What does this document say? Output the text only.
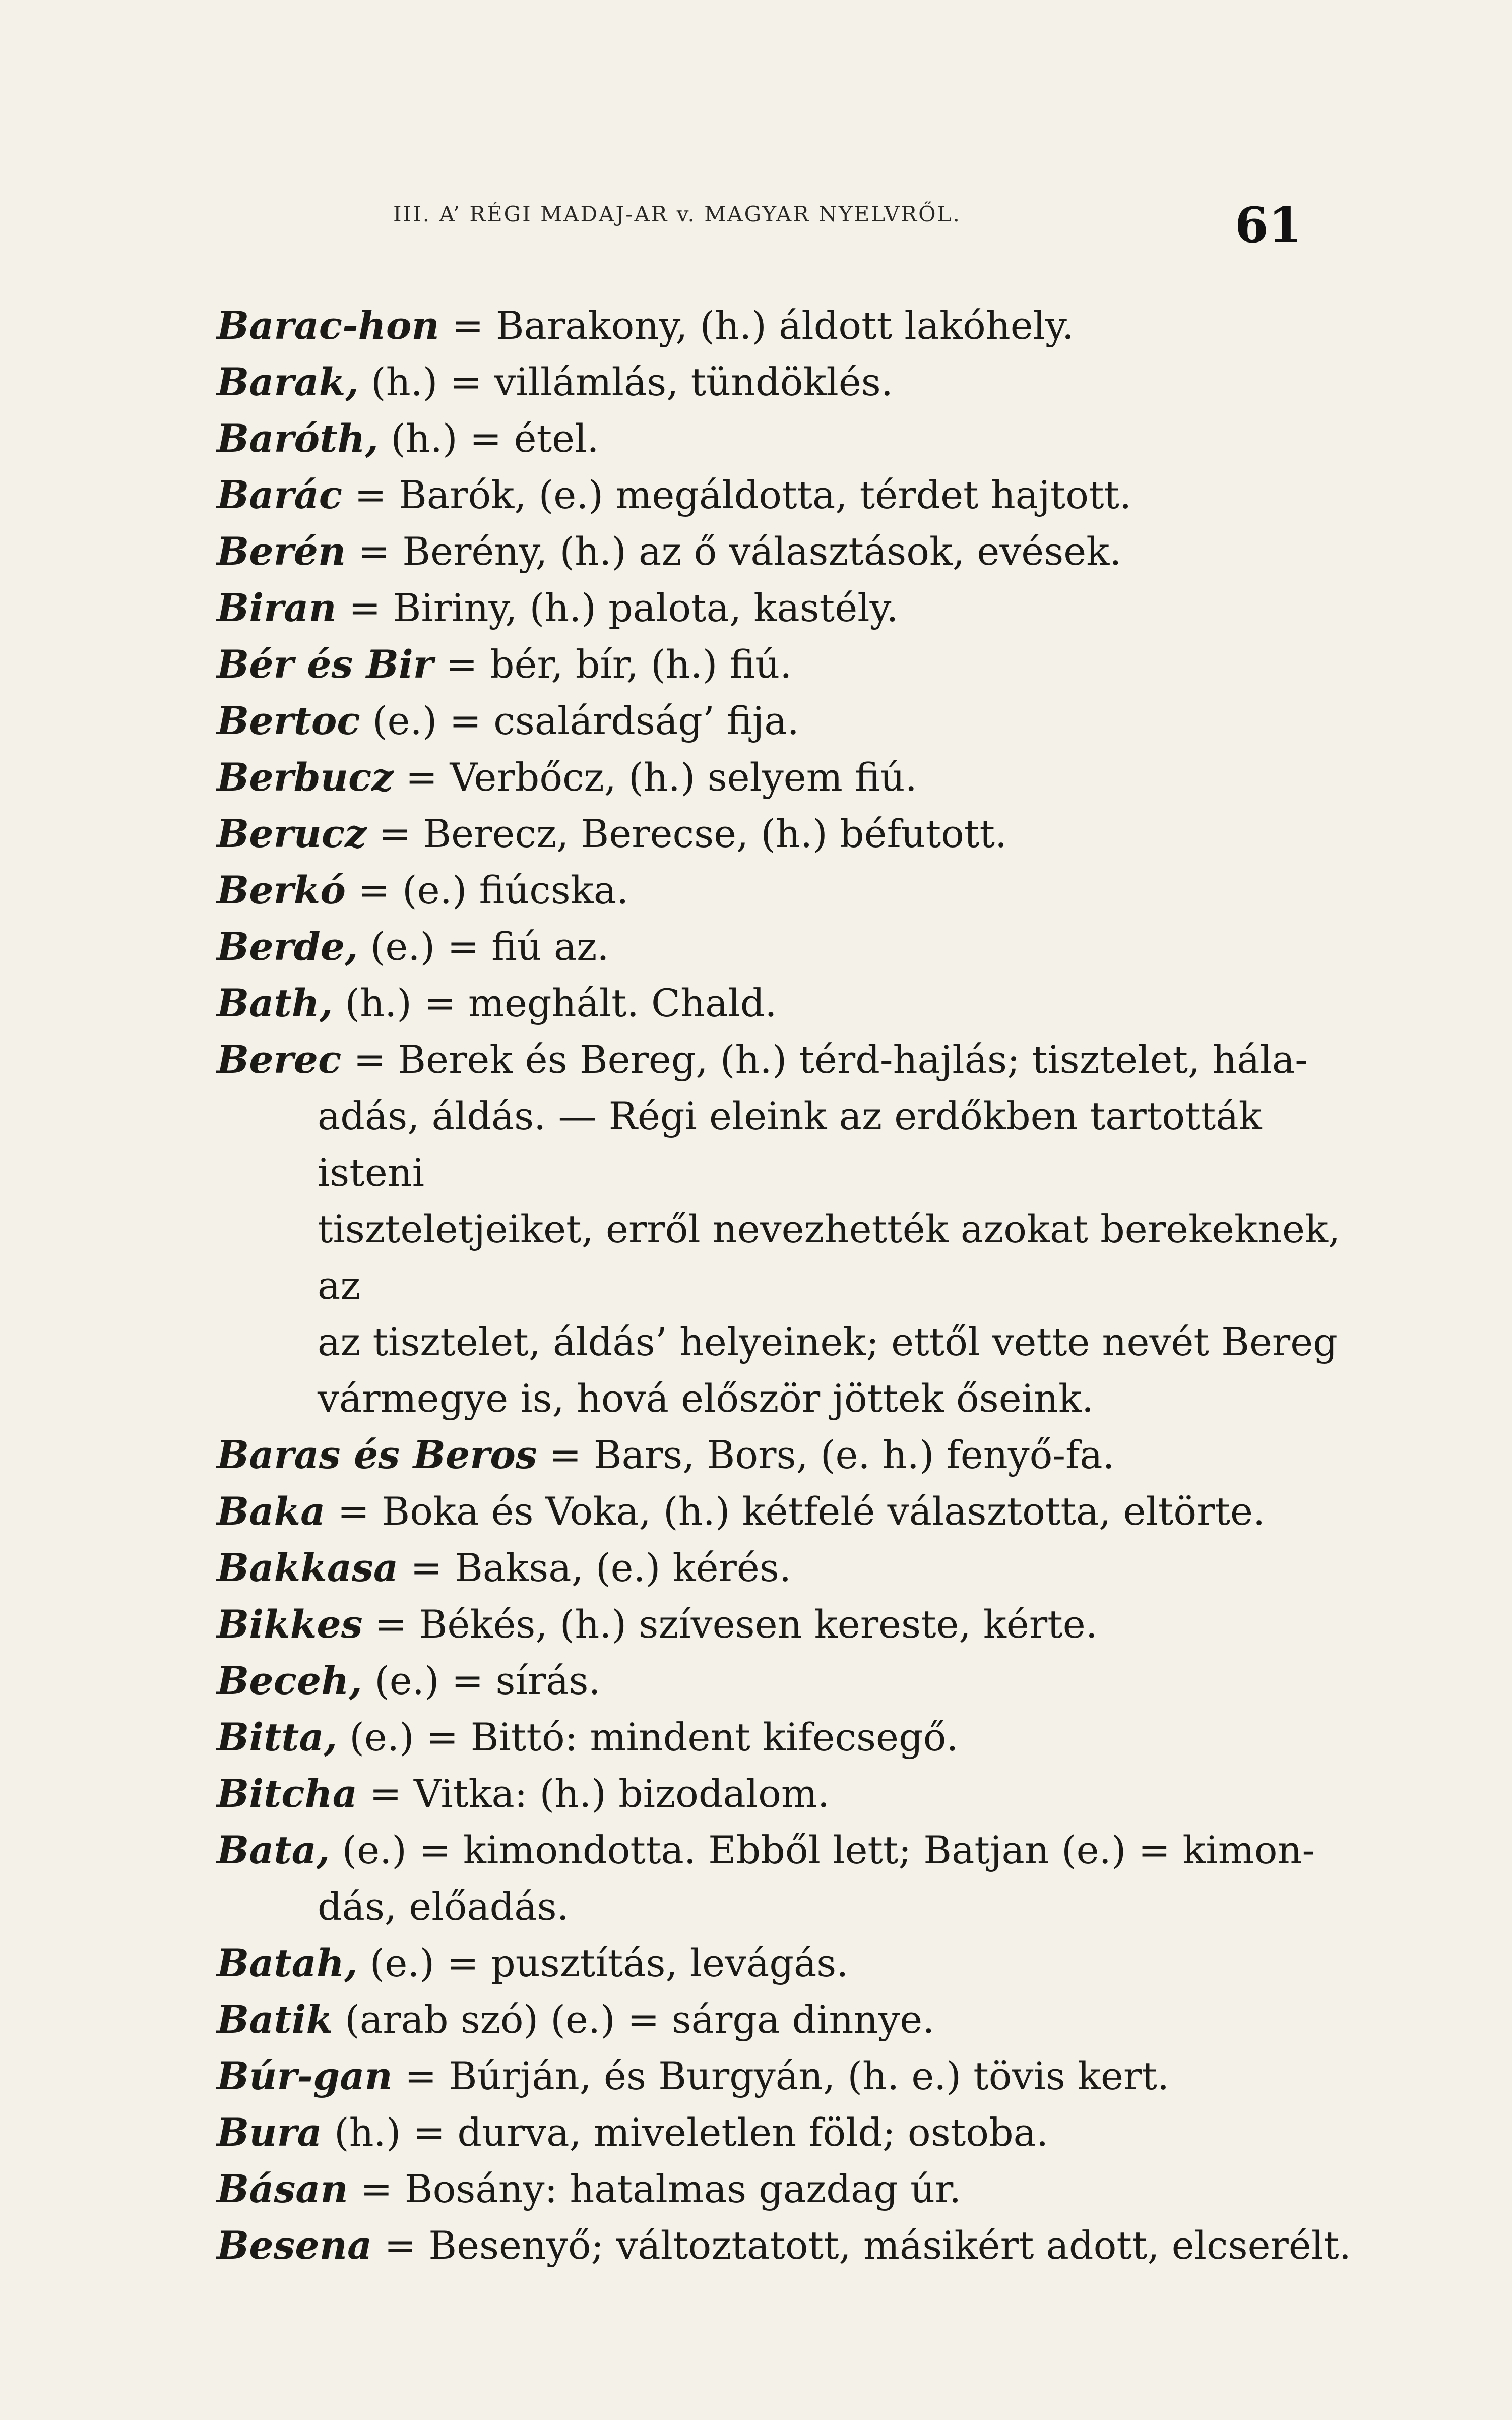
III. A’ RÉGI MADAJ-AR v. MAGYAR NYELVRŐL.	61

Barac-hon = Barakony, (h.) áldott lakóhely.

Barak, (h.) = villámlás, tündöklés.

Baróth, (h.) = étel.

Barác = Barók, (e.) megáldotta, térdet hajtott.

Berén = Berény, (h.) az ő választások, evések.

Biran = Biriny, (h.) palota, kastély.

Bér és Bir = bér, bír, (h.) fiú.

Bertoc (e.) = csalárdság’ fija.

Berbucz = Verbőcz, (h.) selyem fiú.

Berucz = Berecz, Berecse, (h.) béfutott.

Berkó = (e.) fiúcska.

Berde, (e.) = fiú az.

Bath, (h.) = meghált. Chald.

Berec = Berek és Bereg, (h.) térd-hajlás; tisztelet, hála-

adás, áldás. — Régi eleink az erdőkben tartották isteni

tiszteletjeiket, erről nevezhették azokat berekeknek, az

az tisztelet, áldás’ helyeinek; ettől vette nevét Bereg

vármegye is, hová először jöttek őseink.

Baras és Beros = Bars, Bors, (e. h.) fenyő-fa.

Baka = Boka és Voka, (h.) kétfelé választotta, eltörte.

Bakkasa = Baksa, (e.) kérés.

Bikkes = Békés, (h.) szívesen kereste, kérte.

Beceh, (e.) = sírás.

Bitta, (e.) = Bittó: mindent kifecsegő.

Bitcha = Vitka: (h.) bizodalom.

Bata, (e.) = kimondotta. Ebből lett; Batjan (e.) = kimon-

dás, előadás.

Batah, (e.) = pusztítás, levágás.

Batik (arab szó) (e.) = sárga dinnye.

Búr-gan = Búrján, és Burgyán, (h. e.) tövis kert.

Bura (h.) = durva, miveletlen föld; ostoba.

Básan = Bosány: hatalmas gazdag úr.

Besena = Besenyő; változtatott, másikért adott, elcserélt.
